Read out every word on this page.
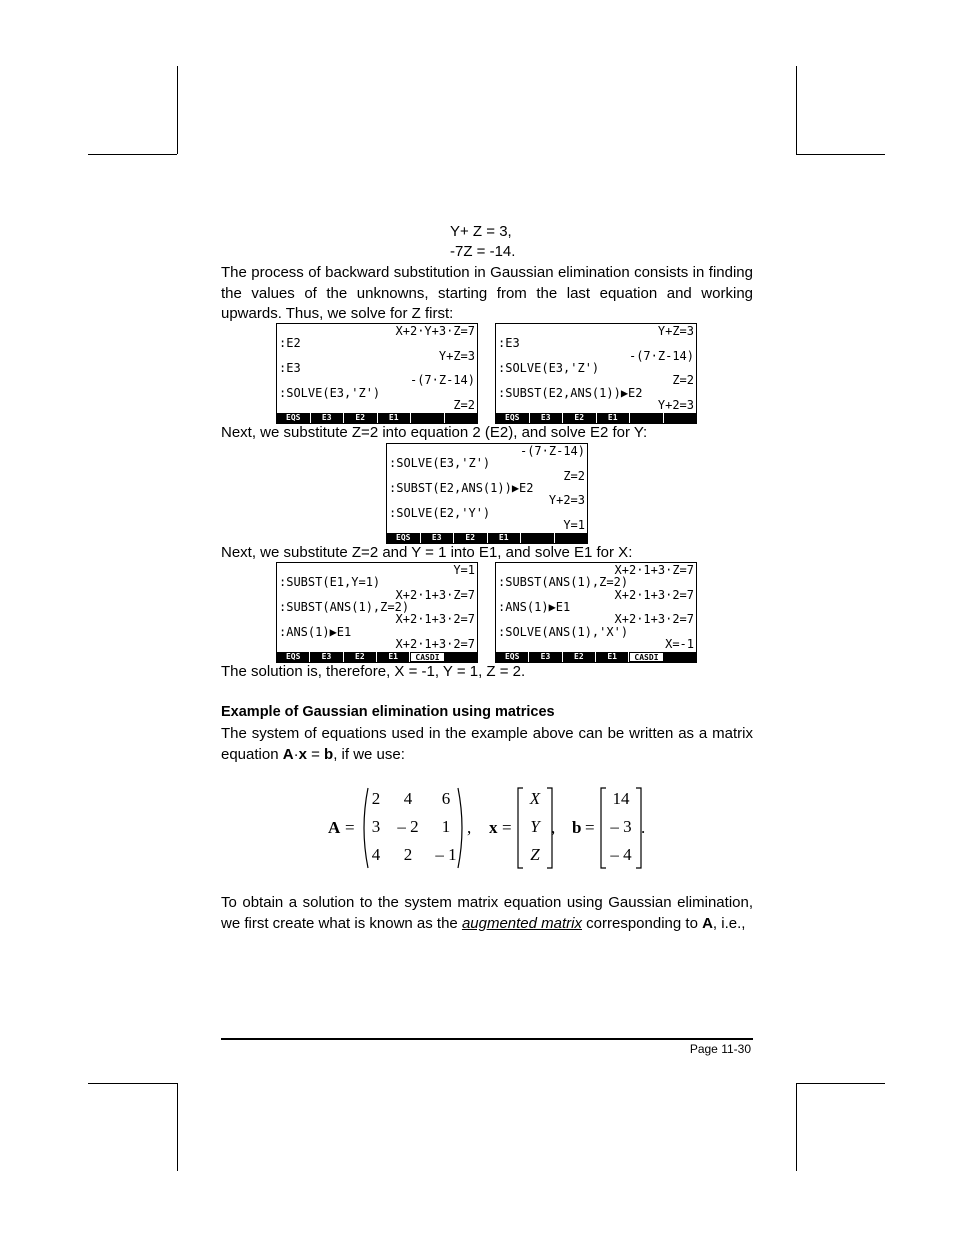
Y+ Z = 3,
-7Z = -14.
The process of backward substitution in Gaussian elimination consists in finding the values of the unknowns, starting from the last equation and working upwards. Thus, we solve for Z first:
X+2·Y+3·Z=7
:E2
Y+Z=3
:E3
-(7·Z-14)
:SOLVE(E3,'Z')
Z=2
EQS	E3	E2	E1
Y+Z=3
:E3
-(7·Z-14)
:SOLVE(E3,'Z')
Z=2
:SUBST(E2,ANS(1))▶E2
Y+2=3
EQS	E3	E2	E1
Next, we substitute Z=2 into equation 2 (E2), and solve E2 for Y:
-(7·Z-14)
:SOLVE(E3,'Z')
Z=2
:SUBST(E2,ANS(1))▶E2
Y+2=3
:SOLVE(E2,'Y')
Y=1
EQS	E3	E2	E1
Next, we substitute Z=2 and Y = 1 into E1, and solve E1 for X:
Y=1
:SUBST(E1,Y=1)
X+2·1+3·Z=7
:SUBST(ANS(1),Z=2)
X+2·1+3·2=7
:ANS(1)▶E1
X+2·1+3·2=7
EQS	E3	E2	E1	CASDI
X+2·1+3·Z=7
:SUBST(ANS(1),Z=2)
X+2·1+3·2=7
:ANS(1)▶E1
X+2·1+3·2=7
:SOLVE(ANS(1),'X')
X=-1
EQS	E3	E2	E1	CASDI
The solution is, therefore, X = -1, Y = 1, Z = 2.
Example of Gaussian elimination using matrices
The system of equations used in the example above can be written as a matrix equation A·x = b, if we use:
A =
2	4	6
3	– 2	1
4	2	– 1
, x =
X
Y
Z
, b =
14
– 3
– 4
.
To obtain a solution to the system matrix equation using Gaussian elimination, we first create what is known as the augmented matrix corresponding to A, i.e.,
Page 11-30
